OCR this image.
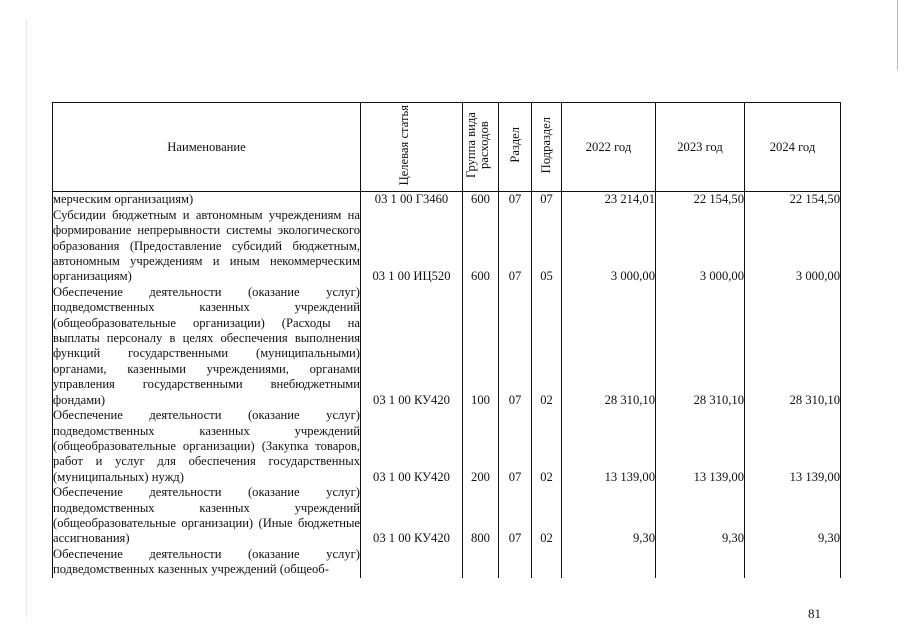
Наименование	Целевая статья	Группа вида расходов	Раздел	Подраздел	2022 год	2023 год	2024 год
мерческим организациям)	03 1 00 Г3460	600	07	07	23 214,01	22 154,50	22 154,50
Субсидии бюджетным и автономным учреждениям на формирование непрерывности системы экологического образования (Предоставление субсидий бюджетным, автономным учреждениям и иным некоммерческим организациям)	03 1 00 ИЦ520	600	07	05	3 000,00	3 000,00	3 000,00
Обеспечение деятельности (оказание услуг) подведомственных казенных учреждений (общеобразовательные организации) (Расходы на выплаты персоналу в целях обеспечения выполнения функций государственными (муниципальными) органами, казенными учреждениями, органами управления государственными внебюджетными фондами)	03 1 00 КУ420	100	07	02	28 310,10	28 310,10	28 310,10
Обеспечение деятельности (оказание услуг) подведомственных казенных учреждений (общеобразовательные организации) (Закупка товаров, работ и услуг для обеспечения государственных (муниципальных) нужд)	03 1 00 КУ420	200	07	02	13 139,00	13 139,00	13 139,00
Обеспечение деятельности (оказание услуг) подведомственных казенных учреждений (общеобразовательные организации) (Иные бюджетные ассигнования)	03 1 00 КУ420	800	07	02	9,30	9,30	9,30
Обеспечение деятельности (оказание услуг) подведомственных казенных учреждений (общеоб-							
81
